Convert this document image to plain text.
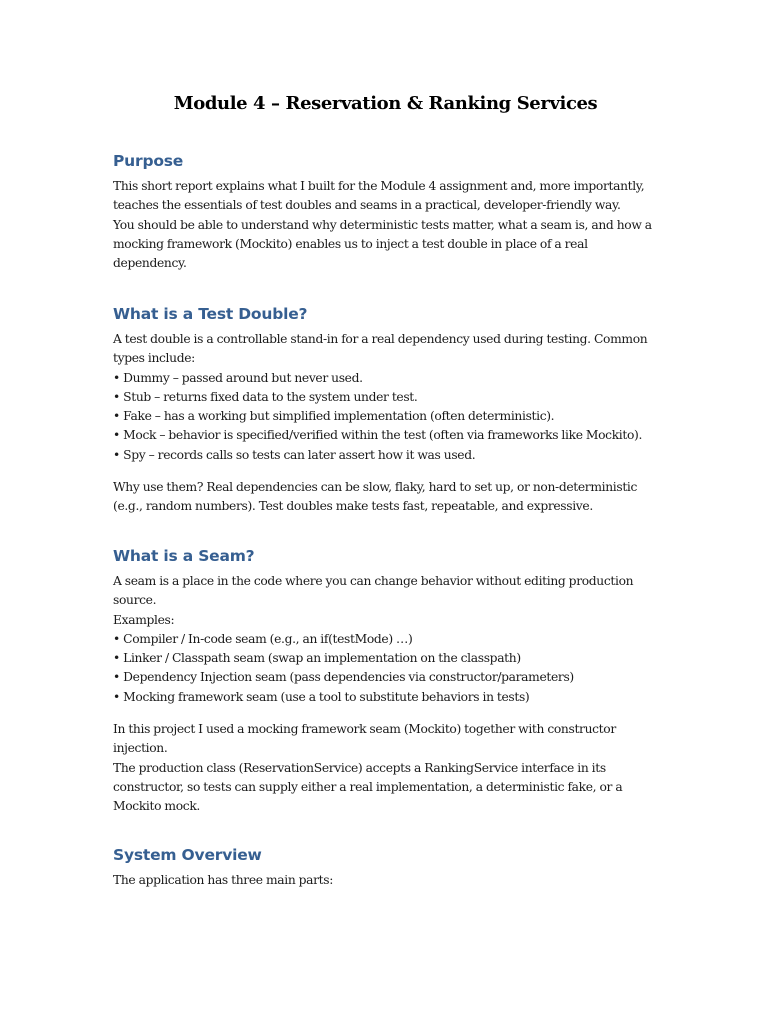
Module 4 – Reservation & Ranking Services
Purpose

This short report explains what I built for the Module 4 assignment and, more importantly,
teaches the essentials of test doubles and seams in a practical, developer-friendly way.
You should be able to understand why deterministic tests matter, what a seam is, and how a
mocking framework (Mockito) enables us to inject a test double in place of a real
dependency.

What is a Test Double?

A test double is a controllable stand-in for a real dependency used during testing. Common
types include:
• Dummy – passed around but never used.
• Stub – returns fixed data to the system under test.
• Fake – has a working but simplified implementation (often deterministic).
• Mock – behavior is specified/verified within the test (often via frameworks like Mockito).
• Spy – records calls so tests can later assert how it was used.

Why use them? Real dependencies can be slow, flaky, hard to set up, or non-deterministic
(e.g., random numbers). Test doubles make tests fast, repeatable, and expressive.

What is a Seam?

A seam is a place in the code where you can change behavior without editing production
source.
Examples:
• Compiler / In-code seam (e.g., an if(testMode) …)
• Linker / Classpath seam (swap an implementation on the classpath)
• Dependency Injection seam (pass dependencies via constructor/parameters)
• Mocking framework seam (use a tool to substitute behaviors in tests)

In this project I used a mocking framework seam (Mockito) together with constructor
injection.
The production class (ReservationService) accepts a RankingService interface in its
constructor, so tests can supply either a real implementation, a deterministic fake, or a
Mockito mock.

System Overview

The application has three main parts:
